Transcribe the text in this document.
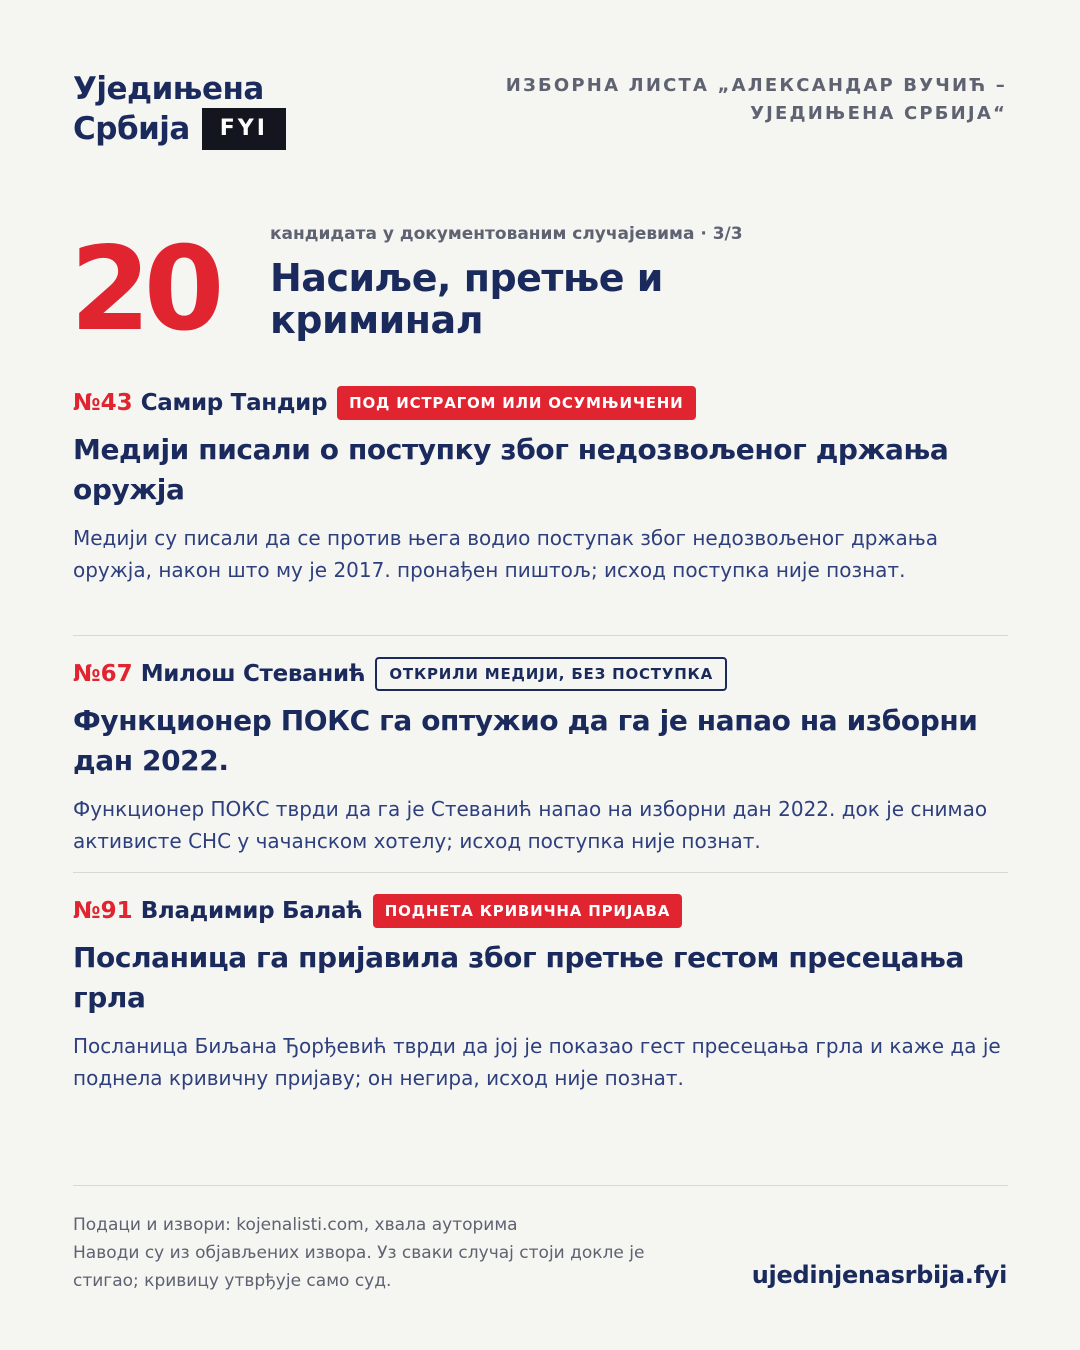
Уједињена
Србија	FYI
ИЗБОРНА ЛИСТА „АЛЕКСАНДАР ВУЧИЋ – УЈЕДИЊЕНА СРБИЈА“
20	кандидата у документованим случајевима · 3/3
Насиље, претње и криминал
№43 Самир Тандир	ПОД ИСТРАГОМ ИЛИ ОСУМЊИЧЕНИ
Медији писали о поступку због недозвољеног држања оружја
Медији су писали да се против њега водио поступак због недозвољеног држања оружја, након што му је 2017. пронађен пиштољ; исход поступка није познат.
№67 Милош Стеванић	ОТКРИЛИ МЕДИЈИ, БЕЗ ПОСТУПКА
Функционер ПОКС га оптужио да га је напао на изборни дан 2022.
Функционер ПОКС тврди да га је Стеванић напао на изборни дан 2022. док је снимао активисте СНС у чачанском хотелу; исход поступка није познат.
№91 Владимир Балаћ	ПОДНЕТА КРИВИЧНА ПРИЈАВА
Посланица га пријавила због претње гестом пресецања грла
Посланица Биљана Ђорђевић тврди да јој је показао гест пресецања грла и каже да је поднела кривичну пријаву; он негира, исход није познат.
Подаци и извори: kojenalisti.com, хвала ауторима
Наводи су из објављених извора. Уз сваки случај стоји докле је стигао; кривицу утврђује само суд.	ujedinjenasrbija.fyi
